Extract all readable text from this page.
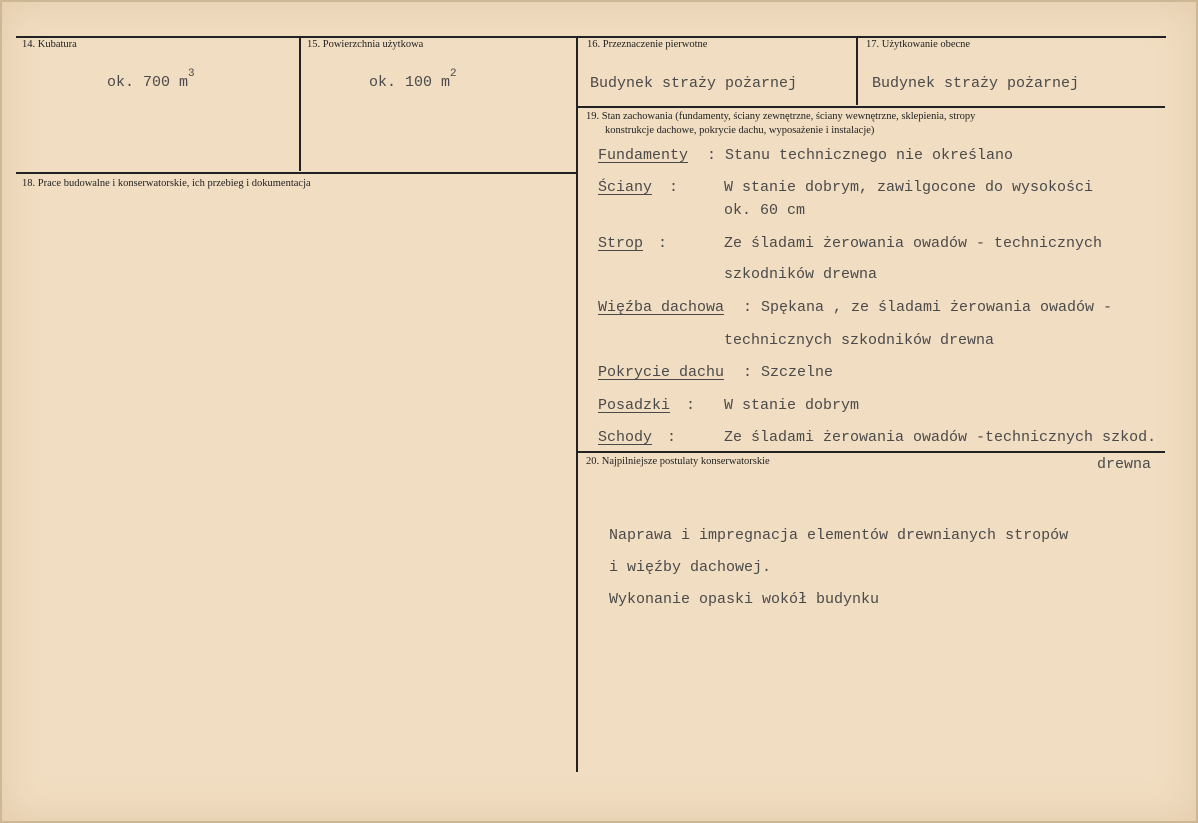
14. Kubatura
ok. 700 $m^3$
15. Powierzchnia użytkowa
ok. 100 $m^2$
16. Przeznaczenie pierwotne
Budynek straży pożarnej
17. Użytkowanie obecne
Budynek straży pożarnej
18. Prace budowalne i konserwatorskie, ich przebieg i dokumentacja
19. Stan zachowania (fundamenty, ściany zewnętrzne, ściany wewnętrzne, sklepienia, stropy
konstrukcje dachowe, pokrycie dachu, wyposażenie i instalacje)
Fundamenty : Stanu technicznego nie określano
Ściany :	W stanie dobrym, zawilgocone do wysokości
ok. 60 cm
Strop :	Ze śladami żerowania owadów - technicznych
szkodników drewna
Więźba dachowa : Spękana , ze śladami żerowania owadów -
technicznych szkodników drewna
Pokrycie dachu : Szczelne
Posadzki : W stanie dobrym
Schody :	Ze śladami żerowania owadów -technicznych szkod.
drewna
20. Najpilniejsze postulaty konserwatorskie
Naprawa i impregnacja elementów drewnianych stropów
i więźby dachowej.
Wykonanie opaski wokół budynku
